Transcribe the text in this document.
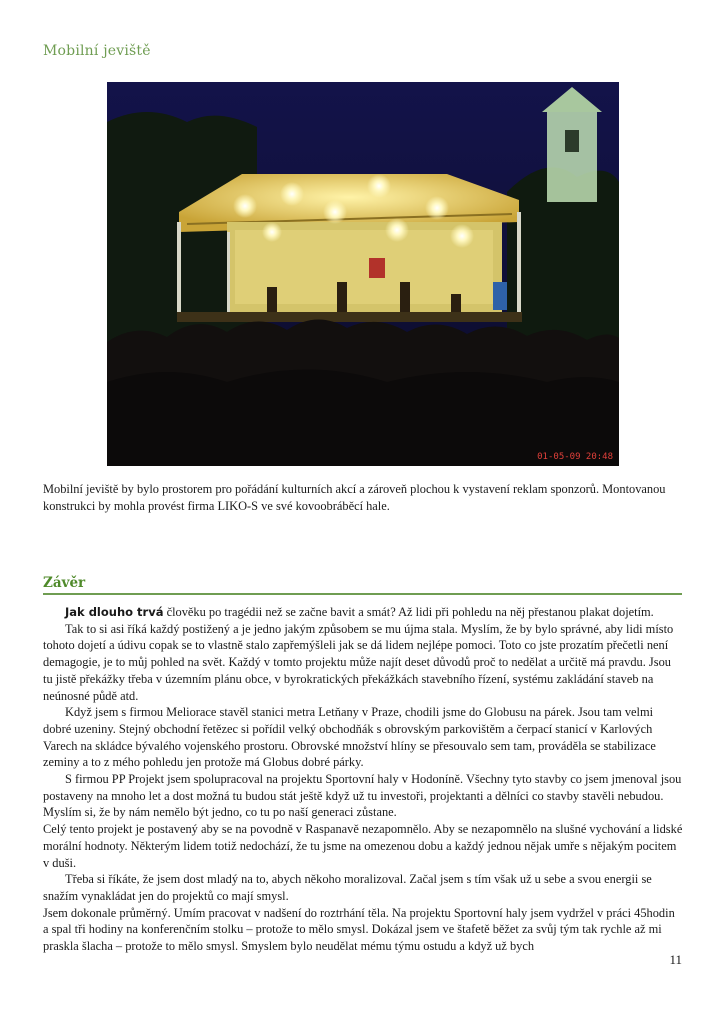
Mobilní jeviště
01-05-09 20:48

Mobilní jeviště by bylo prostorem pro pořádání kulturních akcí a zároveň plochou k vystavení reklam sponzorů. Montovanou konstrukci by mohla provést firma LIKO-S ve své kovoobráběcí hale.

Závěr

Jak dlouho trvá člověku po tragédii než se začne bavit a smát? Až lidi při pohledu na něj přestanou plakat dojetím.

Tak to si asi říká každý postižený a je jedno jakým způsobem se mu újma stala. Myslím, že by bylo správné, aby lidi místo tohoto dojetí a údivu copak se to vlastně stalo zapřemýšleli jak se dá lidem nejlépe pomoci. Toto co jste prozatím přečetli není demagogie, je to můj pohled na svět. Každý v tomto projektu může najít deset důvodů proč to nedělat a určitě má pravdu. Jsou tu jistě překážky třeba v územním plánu obce, v byrokratických překážkách stavebního řízení, systému zakládání staveb na neúnosné půdě atd.

Když jsem s firmou Meliorace stavěl stanici metra Letňany v Praze, chodili jsme do Globusu na párek. Jsou tam velmi dobré uzeniny. Stejný obchodní řetězec si pořídil velký obchodňák s obrovským parkovištěm a čerpací stanicí v Karlových Varech na skládce bývalého vojenského prostoru. Obrovské množství hlíny se přesouvalo sem tam, prováděla se stabilizace zeminy a to z mého pohledu jen protože má Globus dobré párky.

S firmou PP Projekt jsem spolupracoval na projektu Sportovní haly v Hodoníně. Všechny tyto stavby co jsem jmenoval jsou postaveny na mnoho let a dost možná tu budou stát ještě když už tu investoři, projektanti a dělníci co stavby stavěli nebudou. Myslím si, že by nám nemělo být jedno, co tu po naší generaci zůstane.

Celý tento projekt je postavený aby se na povodně v Raspanavě nezapomnělo. Aby se nezapomnělo na slušné vychování a lidské morální hodnoty. Některým lidem totiž nedochází, že tu jsme na omezenou dobu a každý jednou nějak umře s nějakým pocitem v duši.

Třeba si říkáte, že jsem dost mladý na to, abych někoho moralizoval. Začal jsem s tím však už u sebe a svou energii se snažím vynakládat jen do projektů co mají smysl.

Jsem dokonale průměrný. Umím pracovat v nadšení do roztrhání těla. Na projektu Sportovní haly jsem vydržel v práci 45hodin a spal tři hodiny na konferenčním stolku – protože to mělo smysl. Dokázal jsem ve štafetě běžet za svůj tým tak rychle až mi praskla šlacha – protože to mělo smysl. Smyslem bylo neudělat mému týmu ostudu a když už bych

11
